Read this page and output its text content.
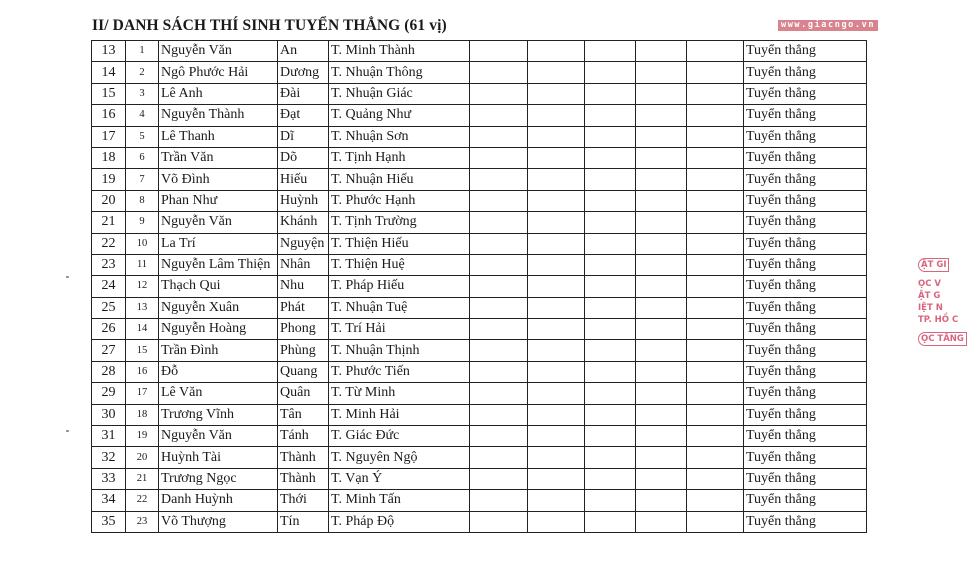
II/ DANH SÁCH THÍ SINH TUYỂN THẲNG (61 vị)	www.giacngo.vn
13	1	Nguyễn Văn	An	T. Minh Thành						Tuyển thẳng
14	2	Ngô Phước Hải	Dương	T. Nhuận Thông						Tuyển thẳng
15	3	Lê Anh	Đài	T. Nhuận Giác						Tuyển thẳng
16	4	Nguyễn Thành	Đạt	T. Quảng Như						Tuyển thẳng
17	5	Lê Thanh	Dĩ	T. Nhuận Sơn						Tuyển thẳng
18	6	Trần Văn	Dõ	T. Tịnh Hạnh						Tuyển thẳng
19	7	Võ Đình	Hiếu	T. Nhuận Hiếu						Tuyển thẳng
20	8	Phan Như	Huỳnh	T. Phước Hạnh						Tuyển thẳng
21	9	Nguyễn Văn	Khánh	T. Tịnh Trường						Tuyển thẳng
22	10	La Trí	Nguyện	T. Thiện Hiếu						Tuyển thẳng
23	11	Nguyễn Lâm Thiện	Nhân	T. Thiện Huệ						Tuyển thẳng
24	12	Thạch Qui	Nhu	T. Pháp Hiếu						Tuyển thẳng
25	13	Nguyễn Xuân	Phát	T. Nhuận Tuệ						Tuyển thẳng
26	14	Nguyễn Hoàng	Phong	T. Trí Hải						Tuyển thẳng
27	15	Trần Đình	Phùng	T. Nhuận Thịnh						Tuyển thẳng
28	16	Đỗ	Quang	T. Phước Tiến						Tuyển thẳng
29	17	Lê Văn	Quân	T. Từ Minh						Tuyển thẳng
30	18	Trương Vĩnh	Tân	T. Minh Hải						Tuyển thẳng
31	19	Nguyễn Văn	Tánh	T. Giác Đức						Tuyển thẳng
32	20	Huỳnh Tài	Thành	T. Nguyên Ngộ						Tuyển thẳng
33	21	Trương Ngọc	Thành	T. Vạn Ý						Tuyển thẳng
34	22	Danh Huỳnh	Thới	T. Minh Tấn						Tuyển thẳng
35	23	Võ Thượng	Tín	T. Pháp Độ						Tuyển thẳng
ẬT GI
ỌC V
ẬT G
IỆT N
TP. HỒ C
ỌC TĂNG
